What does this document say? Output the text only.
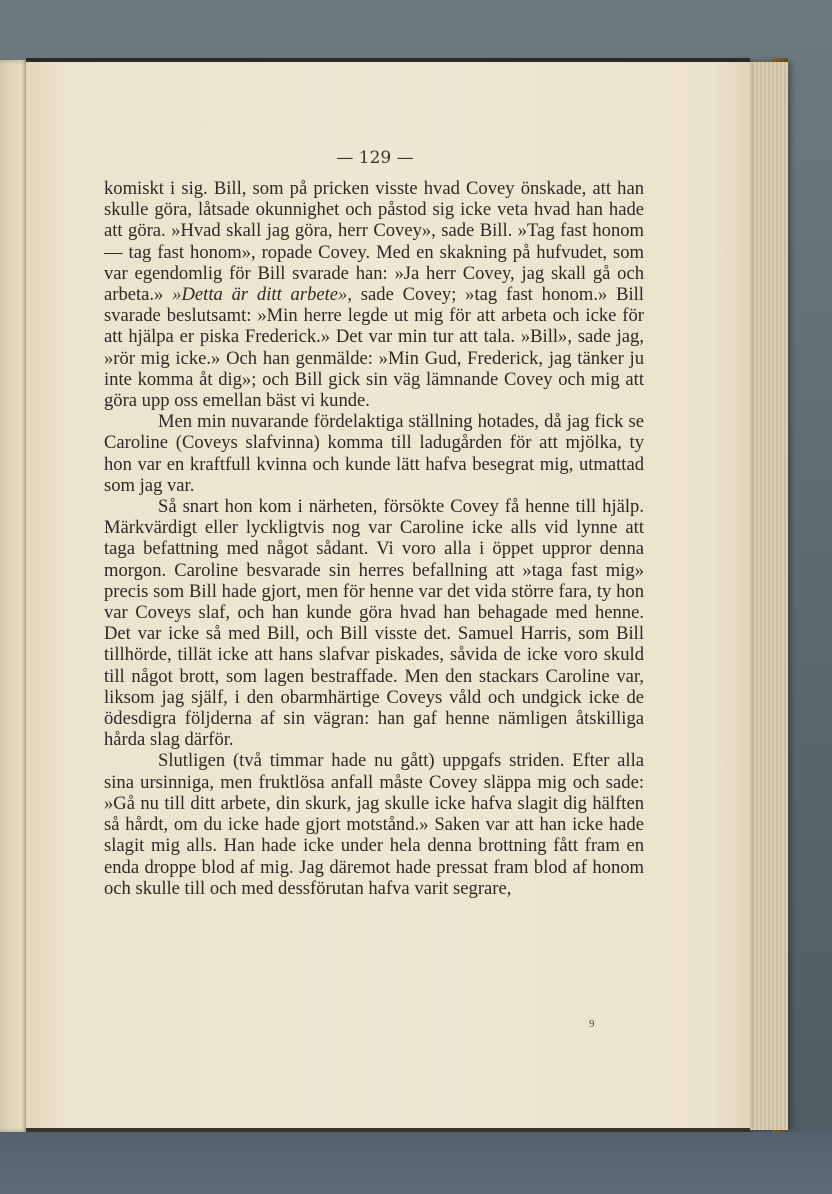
— 129 —

komiskt i sig. Bill, som på pricken visste hvad Covey önskade, att han skulle göra, låtsade okunnighet och påstod sig icke veta hvad han hade att göra. »Hvad skall jag göra, herr Covey», sade Bill. »Tag fast honom — tag fast honom», ropade Covey. Med en skakning på hufvudet, som var egendomlig för Bill svarade han: »Ja herr Covey, jag skall gå och arbeta.» »Detta är ditt arbete», sade Covey; »tag fast honom.» Bill svarade beslutsamt: »Min herre legde ut mig för att arbeta och icke för att hjälpa er piska Frederick.» Det var min tur att tala. »Bill», sade jag, »rör mig icke.» Och han genmälde: »Min Gud, Frederick, jag tänker ju inte komma åt dig»; och Bill gick sin väg lämnande Covey och mig att göra upp oss emellan bäst vi kunde.

Men min nuvarande fördelaktiga ställning hotades, då jag fick se Caroline (Coveys slafvinna) komma till ladugården för att mjölka, ty hon var en kraftfull kvinna och kunde lätt hafva besegrat mig, utmattad som jag var.

Så snart hon kom i närheten, försökte Covey få henne till hjälp. Märkvärdigt eller lyckligtvis nog var Caroline icke alls vid lynne att taga befattning med något sådant. Vi voro alla i öppet uppror denna morgon. Caroline besvarade sin herres befallning att »taga fast mig» precis som Bill hade gjort, men för henne var det vida större fara, ty hon var Coveys slaf, och han kunde göra hvad han behagade med henne. Det var icke så med Bill, och Bill visste det. Samuel Harris, som Bill tillhörde, tillät icke att hans slafvar piskades, såvida de icke voro skuld till något brott, som lagen bestraffade. Men den stackars Caroline var, liksom jag själf, i den obarmhärtige Coveys våld och undgick icke de ödesdigra följderna af sin vägran: han gaf henne nämligen åtskilliga hårda slag därför.

Slutligen (två timmar hade nu gått) uppgafs striden. Efter alla sina ursinniga, men fruktlösa anfall måste Covey släppa mig och sade: »Gå nu till ditt arbete, din skurk, jag skulle icke hafva slagit dig hälften så hårdt, om du icke hade gjort motstånd.» Saken var att han icke hade slagit mig alls. Han hade icke under hela denna brottning fått fram en enda droppe blod af mig. Jag däremot hade pressat fram blod af honom och skulle till och med dessförutan hafva varit segrare,

9
